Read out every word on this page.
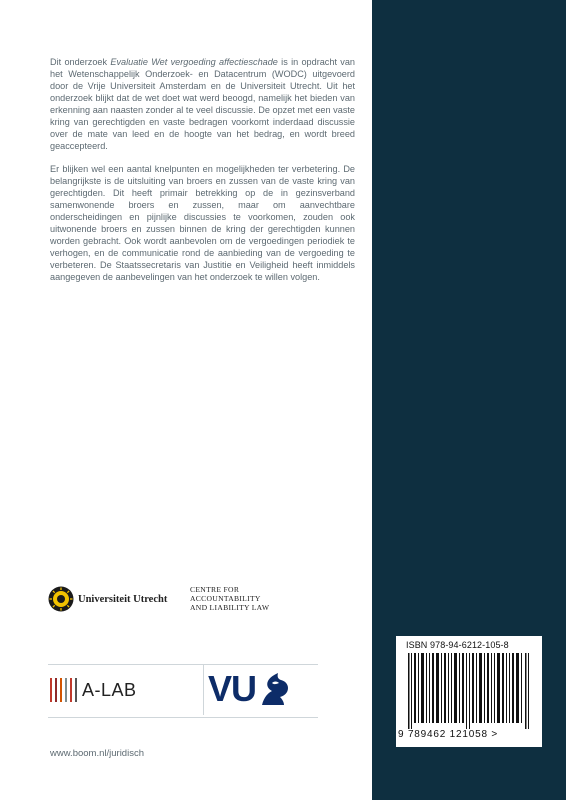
Dit onderzoek Evaluatie Wet vergoeding affectieschade is in opdracht van het Wetenschappelijk Onderzoek- en Datacentrum (WODC) uitgevoerd door de Vrije Universiteit Amsterdam en de Universiteit Utrecht. Uit het onderzoek blijkt dat de wet doet wat werd beoogd, namelijk het bieden van erkenning aan naasten zonder al te veel discussie. De opzet met een vaste kring van gerechtigden en vaste bedragen voorkomt inderdaad discussie over de mate van leed en de hoogte van het bedrag, en wordt breed geaccepteerd.

Er blijken wel een aantal knelpunten en mogelijkheden ter verbetering. De belangrijkste is de uitsluiting van broers en zussen van de vaste kring van gerechtigden. Dit heeft primair betrekking op de in gezinsverband samenwonende broers en zussen, maar om aanvechtbare onderscheidingen en pijnlijke discussies te voorkomen, zouden ook uitwonende broers en zussen binnen de kring der gerechtigden kunnen worden gebracht. Ook wordt aanbevolen om de vergoedingen periodiek te verhogen, en de communicatie rond de aanbieding van de vergoeding te verbeteren. De Staatssecretaris van Justitie en Veiligheid heeft inmiddels aangegeven de aanbevelingen van het onderzoek te willen volgen.

Universiteit Utrecht
CENTRE FOR
ACCOUNTABILITY
AND LIABILITY LAW
A-LAB VU
www.boom.nl/juridisch
ISBN 978-94-6212-105-8
9 789462 121058 >
